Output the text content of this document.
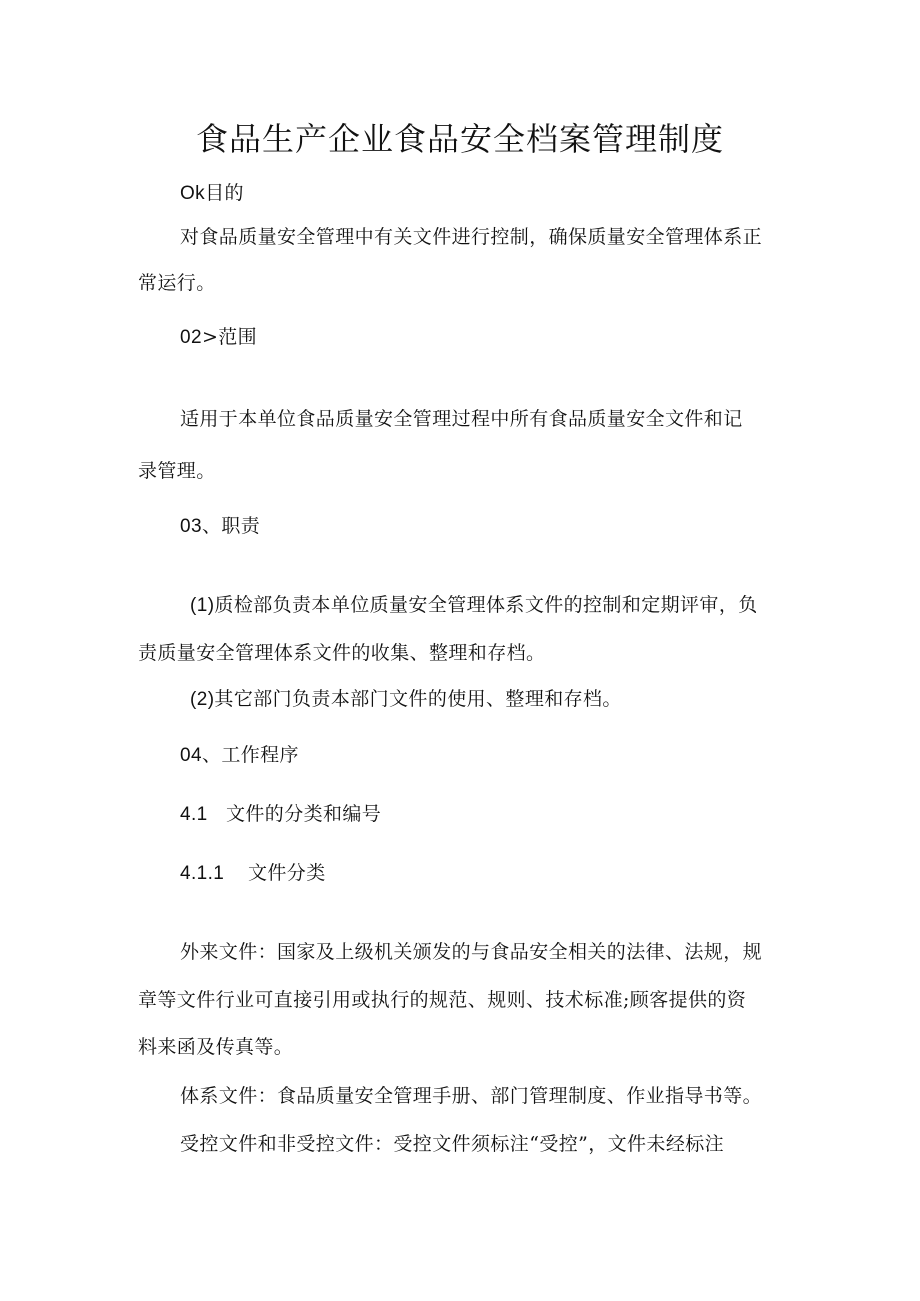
食品生产企业食品安全档案管理制度
Ok目的
对食品质量安全管理中有关文件进行控制，确保质量安全管理体系正
常运行。
02>范围
适用于本单位食品质量安全管理过程中所有食品质量安全文件和记
录管理。
03、职责
(1)质检部负责本单位质量安全管理体系文件的控制和定期评审，负
责质量安全管理体系文件的收集、整理和存档。
(2)其它部门负责本部门文件的使用、整理和存档。
04、工作程序
4.1 文件的分类和编号
4.1.1 文件分类
外来文件：国家及上级机关颁发的与食品安全相关的法律、法规，规
章等文件行业可直接引用或执行的规范、规则、技术标准;顾客提供的资
料来函及传真等。
体系文件：食品质量安全管理手册、部门管理制度、作业指导书等。
受控文件和非受控文件：受控文件须标注“受控”，文件未经标注
